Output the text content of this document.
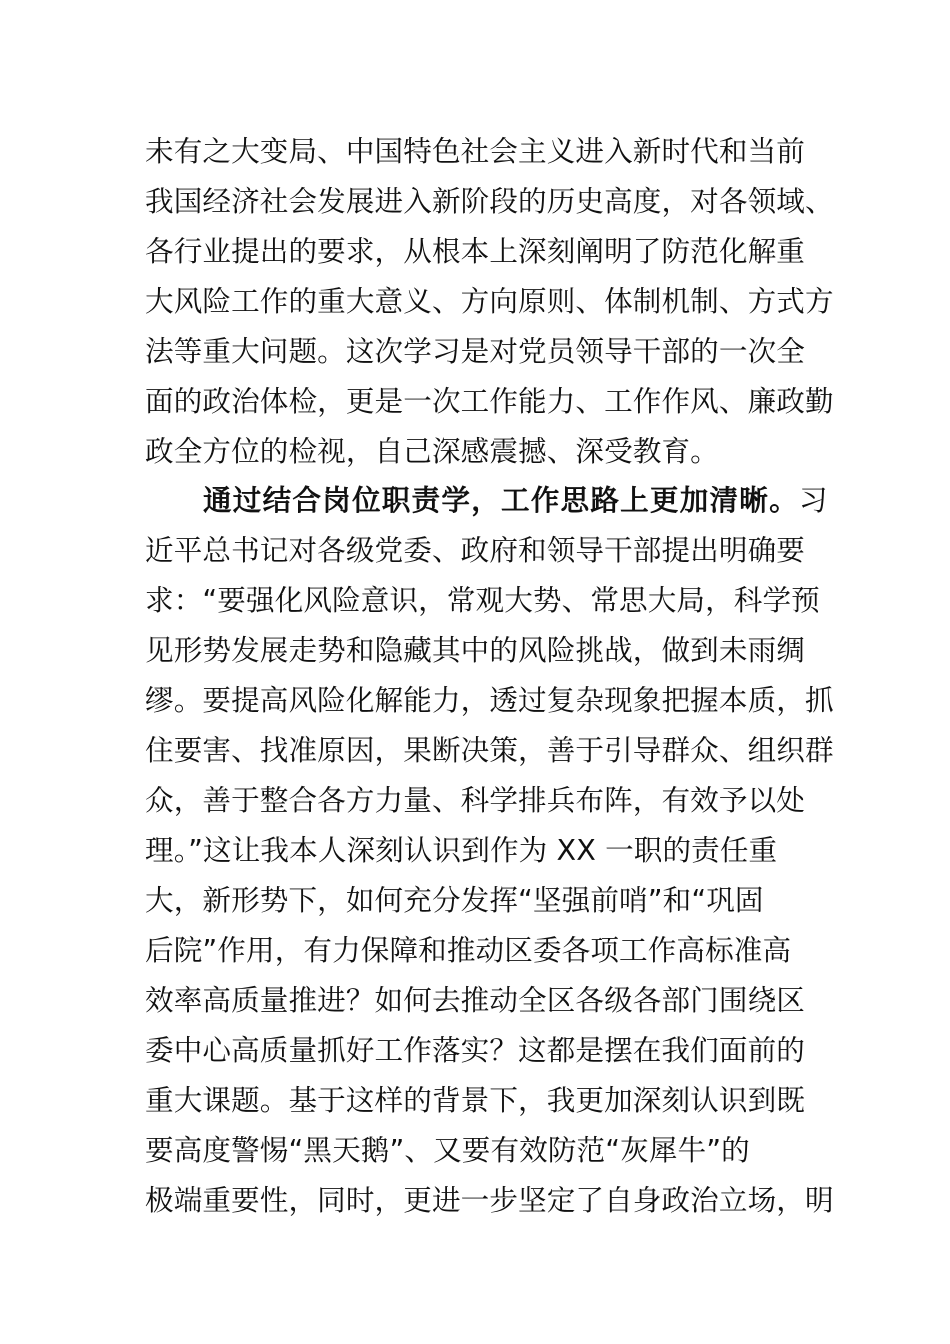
未有之大变局、中国特色社会主义进入新时代和当前
我国经济社会发展进入新阶段的历史高度，对各领域、
各行业提出的要求，从根本上深刻阐明了防范化解重
大风险工作的重大意义、方向原则、体制机制、方式方
法等重大问题。这次学习是对党员领导干部的一次全
面的政治体检，更是一次工作能力、工作作风、廉政勤
政全方位的检视，自己深感震撼、深受教育。
通过结合岗位职责学，工作思路上更加清晰。习
近平总书记对各级党委、政府和领导干部提出明确要
求：“要强化风险意识，常观大势、常思大局，科学预
见形势发展走势和隐藏其中的风险挑战，做到未雨绸
缪。要提高风险化解能力，透过复杂现象把握本质，抓
住要害、找准原因，果断决策，善于引导群众、组织群
众，善于整合各方力量、科学排兵布阵，有效予以处
理。”这让我本人深刻认识到作为 XX 一职的责任重
大，新形势下，如何充分发挥“坚强前哨”和“巩固
后院”作用，有力保障和推动区委各项工作高标准高
效率高质量推进？如何去推动全区各级各部门围绕区
委中心高质量抓好工作落实？这都是摆在我们面前的
重大课题。基于这样的背景下，我更加深刻认识到既
要高度警惕“黑天鹅”、又要有效防范“灰犀牛”的
极端重要性，同时，更进一步坚定了自身政治立场，明
